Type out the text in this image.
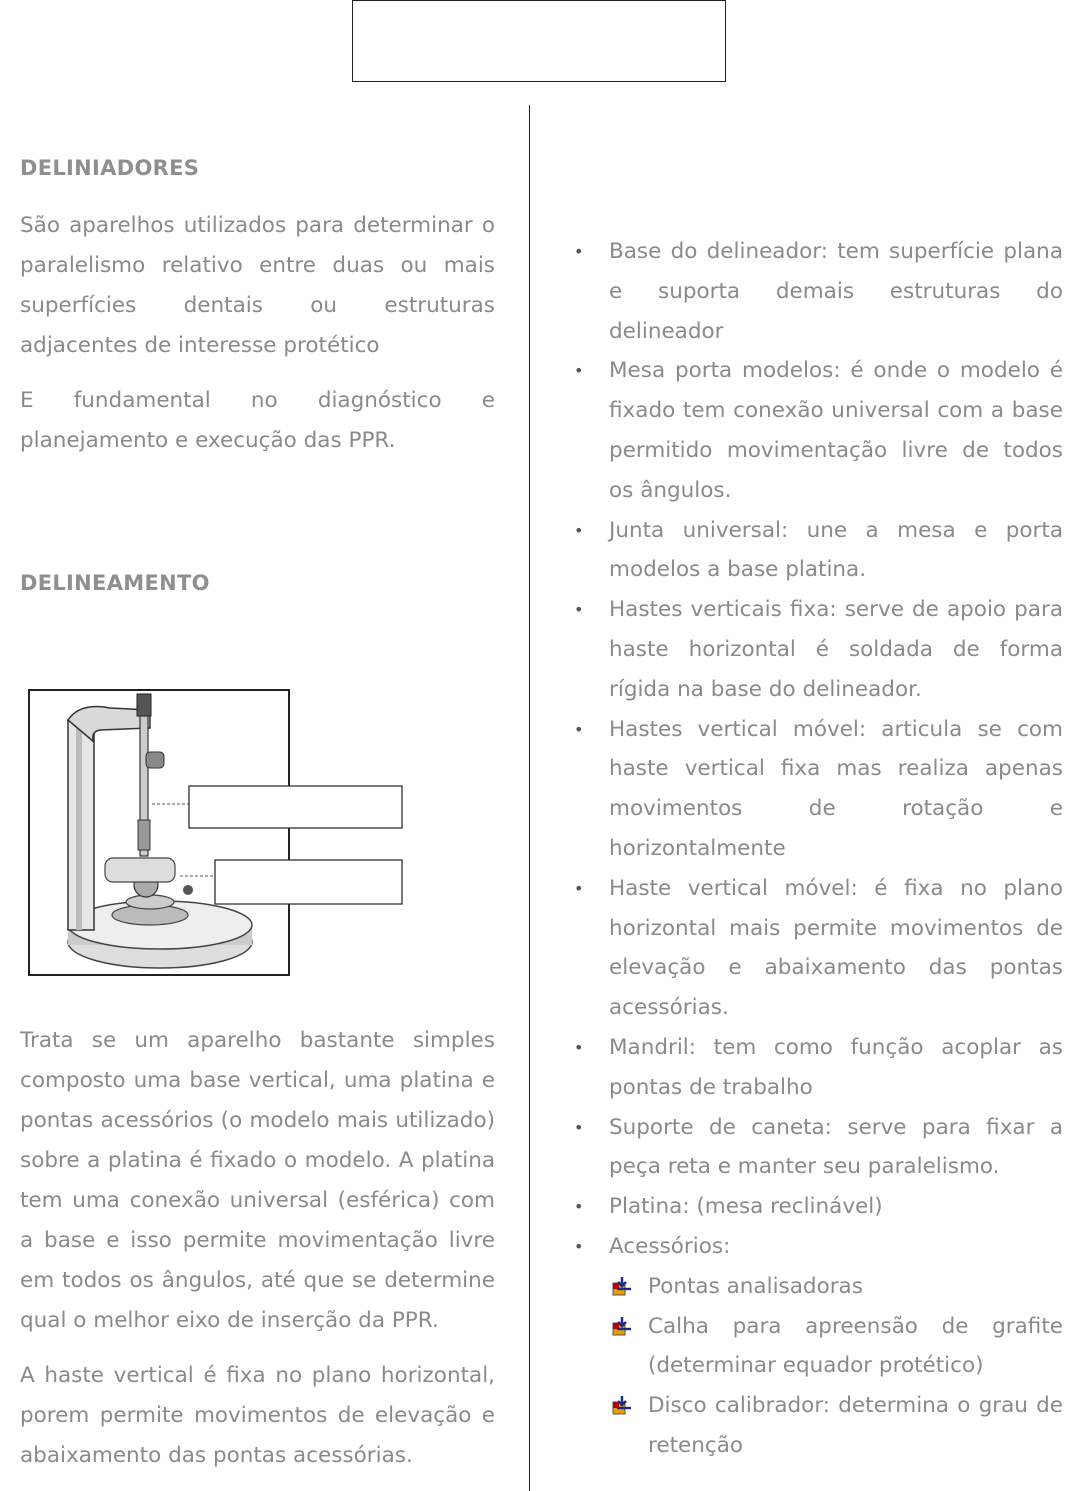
DELINIADORES

São aparelhos utilizados para determinar o paralelismo relativo entre duas ou mais superfícies dentais ou estruturas adjacentes de interesse protético

E fundamental no diagnóstico e planejamento e execução das PPR.

DELINEAMENTO

Trata se um aparelho bastante simples composto uma base vertical, uma platina e pontas acessórios (o modelo mais utilizado) sobre a platina é fixado o modelo. A platina tem uma conexão universal (esférica) com a base e isso permite movimentação livre em todos os ângulos, até que se determine qual o melhor eixo de inserção da PPR.

A haste vertical é fixa no plano horizontal, porem permite movimentos de elevação e abaixamento das pontas acessórias.

• Base do delineador: tem superfície plana e suporta demais estruturas do delineador
• Mesa porta modelos: é onde o modelo é fixado tem conexão universal com a base permitido movimentação livre de todos os ângulos.
• Junta universal: une a mesa e porta modelos a base platina.
• Hastes verticais fixa: serve de apoio para haste horizontal é soldada de forma rígida na base do delineador.
• Hastes vertical móvel: articula se com haste vertical fixa mas realiza apenas movimentos de rotação e horizontalmente
• Haste vertical móvel: é fixa no plano horizontal mais permite movimentos de elevação e abaixamento das pontas acessórias.
• Mandril: tem como função acoplar as pontas de trabalho
• Suporte de caneta: serve para fixar a peça reta e manter seu paralelismo.
• Platina: (mesa reclinável)
• Acessórios:
Pontas analisadoras
Calha para apreensão de grafite (determinar equador protético)
Disco calibrador: determina o grau de retenção
